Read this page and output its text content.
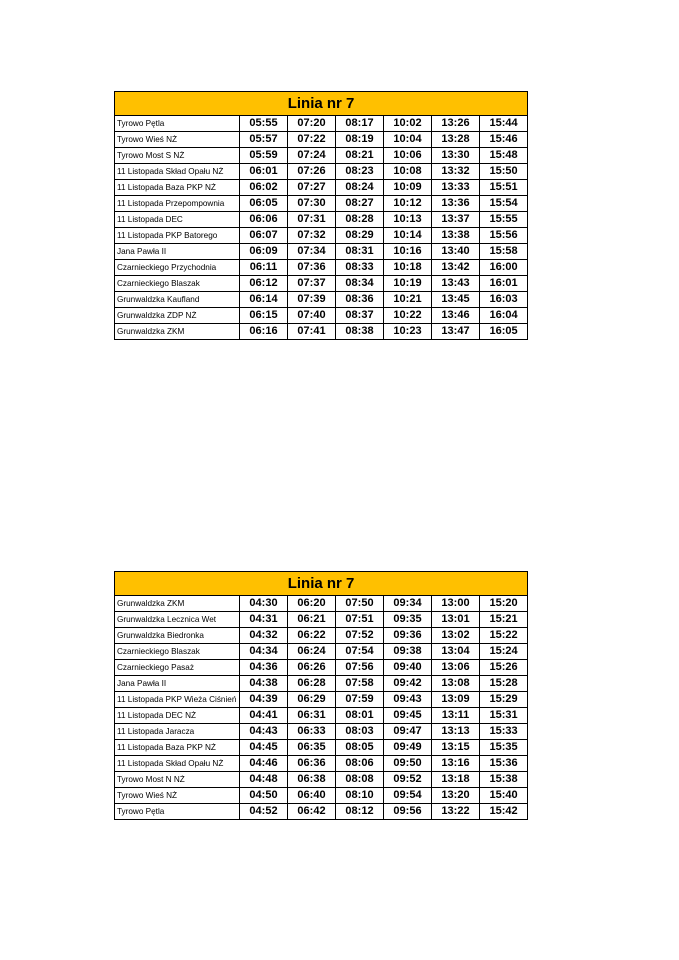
Linia nr 7						
Tyrowo Pętla	05:55	07:20	08:17	10:02	13:26	15:44
Tyrowo Wieś NŻ	05:57	07:22	08:19	10:04	13:28	15:46
Tyrowo Most S NŻ	05:59	07:24	08:21	10:06	13:30	15:48
11 Listopada Skład Opału NŻ	06:01	07:26	08:23	10:08	13:32	15:50
11 Listopada Baza PKP NŻ	06:02	07:27	08:24	10:09	13:33	15:51
11 Listopada Przepompownia	06:05	07:30	08:27	10:12	13:36	15:54
11 Listopada DEC	06:06	07:31	08:28	10:13	13:37	15:55
11 Listopada PKP Batorego	06:07	07:32	08:29	10:14	13:38	15:56
Jana Pawła II	06:09	07:34	08:31	10:16	13:40	15:58
Czarnieckiego Przychodnia	06:11	07:36	08:33	10:18	13:42	16:00
Czarnieckiego Blaszak	06:12	07:37	08:34	10:19	13:43	16:01
Grunwaldzka Kaufland	06:14	07:39	08:36	10:21	13:45	16:03
Grunwaldzka ZDP NŻ	06:15	07:40	08:37	10:22	13:46	16:04
Grunwaldzka ZKM	06:16	07:41	08:38	10:23	13:47	16:05
Linia nr 7						
Grunwaldzka ZKM	04:30	06:20	07:50	09:34	13:00	15:20
Grunwaldzka Lecznica Wet	04:31	06:21	07:51	09:35	13:01	15:21
Grunwaldzka Biedronka	04:32	06:22	07:52	09:36	13:02	15:22
Czarnieckiego Blaszak	04:34	06:24	07:54	09:38	13:04	15:24
Czarnieckiego Pasaż	04:36	06:26	07:56	09:40	13:06	15:26
Jana Pawła II	04:38	06:28	07:58	09:42	13:08	15:28
11 Listopada PKP Wieża Ciśnień	04:39	06:29	07:59	09:43	13:09	15:29
11 Listopada DEC NŻ	04:41	06:31	08:01	09:45	13:11	15:31
11 Listopada Jaracza	04:43	06:33	08:03	09:47	13:13	15:33
11 Listopada Baza PKP NŻ	04:45	06:35	08:05	09:49	13:15	15:35
11 Listopada Skład Opału NŻ	04:46	06:36	08:06	09:50	13:16	15:36
Tyrowo Most N NŻ	04:48	06:38	08:08	09:52	13:18	15:38
Tyrowo Wieś NŻ	04:50	06:40	08:10	09:54	13:20	15:40
Tyrowo Pętla	04:52	06:42	08:12	09:56	13:22	15:42
